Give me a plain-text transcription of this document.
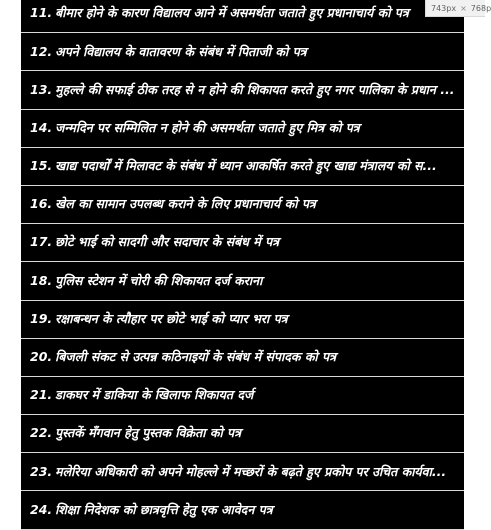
11. बीमार होने के कारण विद्यालय आने में असमर्थता जताते हुए प्रधानाचार्य को पत्र
12. अपने विद्यालय के वातावरण के संबंध में पिताजी को पत्र
13. मुहल्ले की सफाई ठीक तरह से न होने की शिकायत करते हुए नगर पालिका के प्रधान ...
14. जन्मदिन पर सम्मिलित न होने की असमर्थता जताते हुए मित्र को पत्र
15. खाद्य पदार्थों में मिलावट के संबंध में ध्यान आकर्षित करते हुए खाद्य मंत्रालय को स...
16. खेल का सामान उपलब्ध कराने के लिए प्रधानाचार्य को पत्र
17. छोटे भाई को सादगी और सदाचार के संबंध में पत्र
18. पुलिस स्टेशन में चोरी की शिकायत दर्ज कराना
19. रक्षाबन्धन के त्यौहार पर छोटे भाई को प्यार भरा पत्र
20. बिजली संकट से उत्पन्न कठिनाइयों के संबंध में संपादक को पत्र
21. डाकघर में डाकिया के खिलाफ शिकायत दर्ज
22. पुस्तकें मँगवान हेतु पुस्तक विक्रेता को पत्र
23. मलेरिया अधिकारी को अपने मोहल्ले में मच्छरों के बढ़ते हुए प्रकोप पर उचित कार्यवा...
24. शिक्षा निदेशक को छात्रवृत्ति हेतु एक आवेदन पत्र
743px × 768p
